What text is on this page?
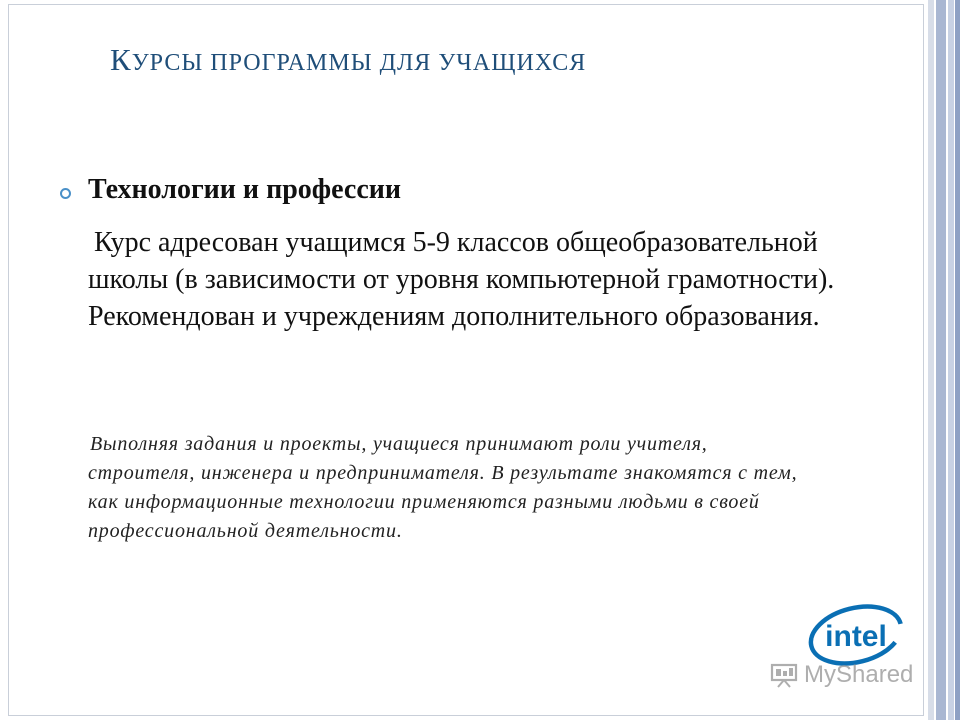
КУРСЫ ПРОГРАММЫ ДЛЯ УЧАЩИХСЯ
Технологии и профессии

Курс адресован учащимся 5-9 классов общеобразовательной школы (в зависимости от уровня компьютерной грамотности). Рекомендован и учреждениям дополнительного образования.

Выполняя задания и проекты, учащиеся принимают роли учителя, строителя, инженера и предпринимателя. В результате знакомятся с тем, как информационные технологии применяются разными людьми в своей профессиональной деятельности.

intel
MyShared
